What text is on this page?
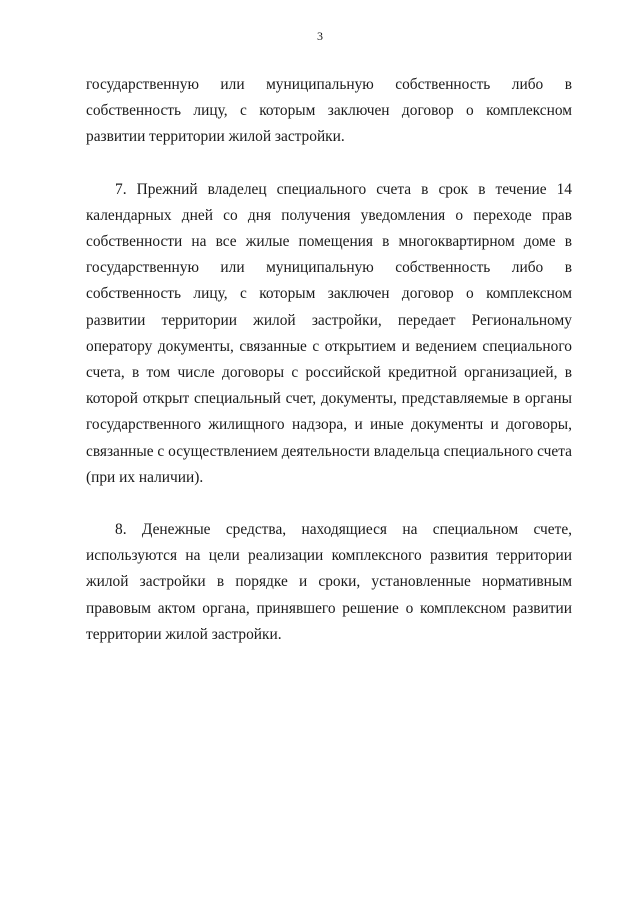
3

государственную или муниципальную собственность либо в собственность лицу, с которым заключен договор о комплексном развитии территории жилой застройки.

7. Прежний владелец специального счета в срок в течение 14 календарных дней со дня получения уведомления о переходе прав собственности на все жилые помещения в многоквартирном доме в государственную или муниципальную собственность либо в собственность лицу, с которым заключен договор о комплексном развитии территории жилой застройки, передает Региональному оператору документы, связанные с открытием и ведением специального счета, в том числе договоры с российской кредитной организацией, в которой открыт специальный счет, документы, представляемые в органы государственного жилищного надзора, и иные документы и договоры, связанные с осуществлением деятельности владельца специального счета (при их наличии).

8. Денежные средства, находящиеся на специальном счете, используются на цели реализации комплексного развития территории жилой застройки в порядке и сроки, установленные нормативным правовым актом органа, принявшего решение о комплексном развитии территории жилой застройки.
